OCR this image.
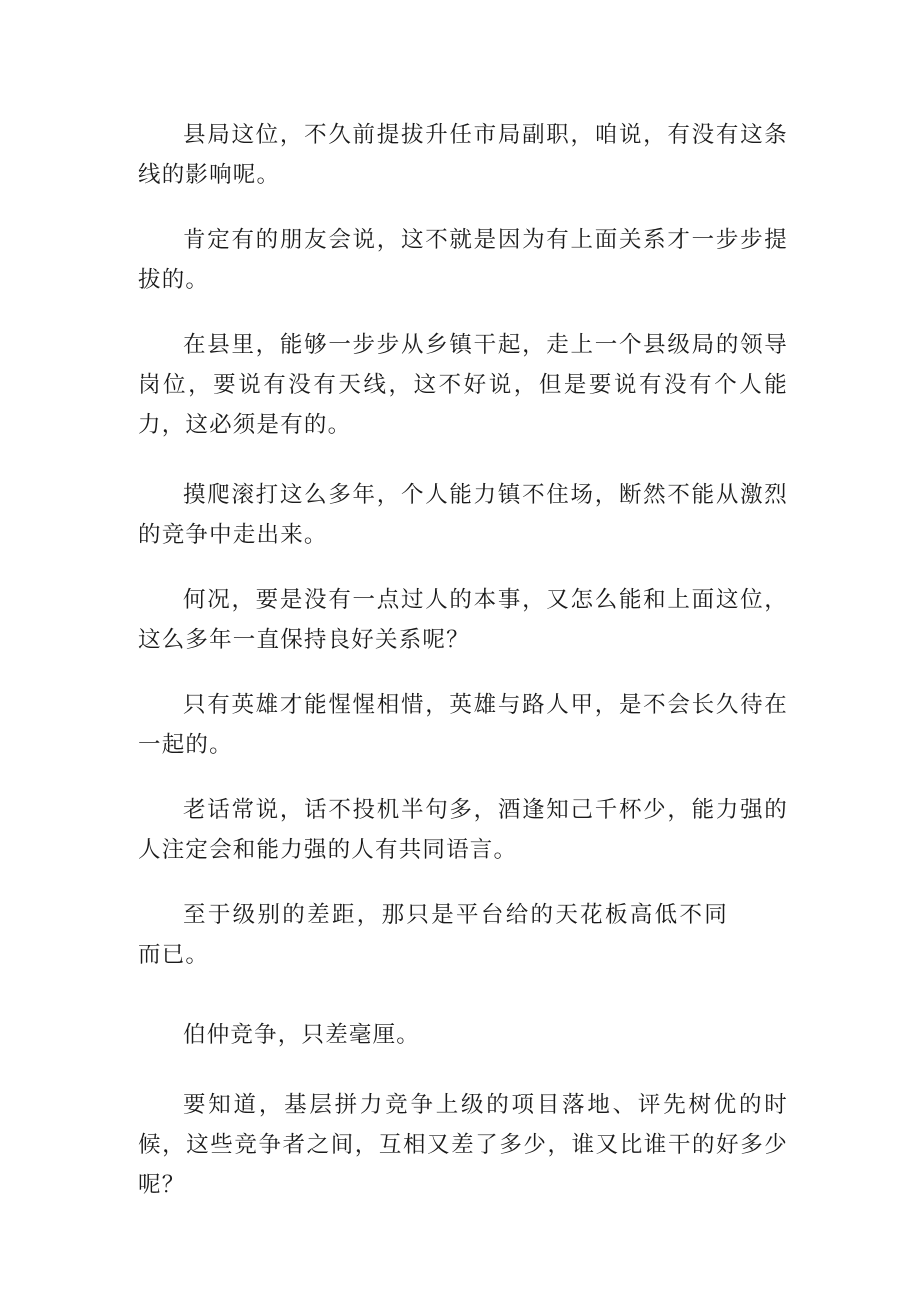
县局这位，不久前提拔升任市局副职，咱说，有没有这条线的影响呢。

肯定有的朋友会说，这不就是因为有上面关系才一步步提拔的。

在县里，能够一步步从乡镇干起，走上一个县级局的领导岗位，要说有没有天线，这不好说，但是要说有没有个人能力，这必须是有的。

摸爬滚打这么多年，个人能力镇不住场，断然不能从激烈的竞争中走出来。

何况，要是没有一点过人的本事，又怎么能和上面这位，这么多年一直保持良好关系呢？

只有英雄才能惺惺相惜，英雄与路人甲，是不会长久待在一起的。

老话常说，话不投机半句多，酒逢知己千杯少，能力强的人注定会和能力强的人有共同语言。

至于级别的差距，那只是平台给的天花板高低不同而已。

伯仲竞争，只差毫厘。

要知道，基层拼力竞争上级的项目落地、评先树优的时候，这些竞争者之间，互相又差了多少，谁又比谁干的好多少呢？
